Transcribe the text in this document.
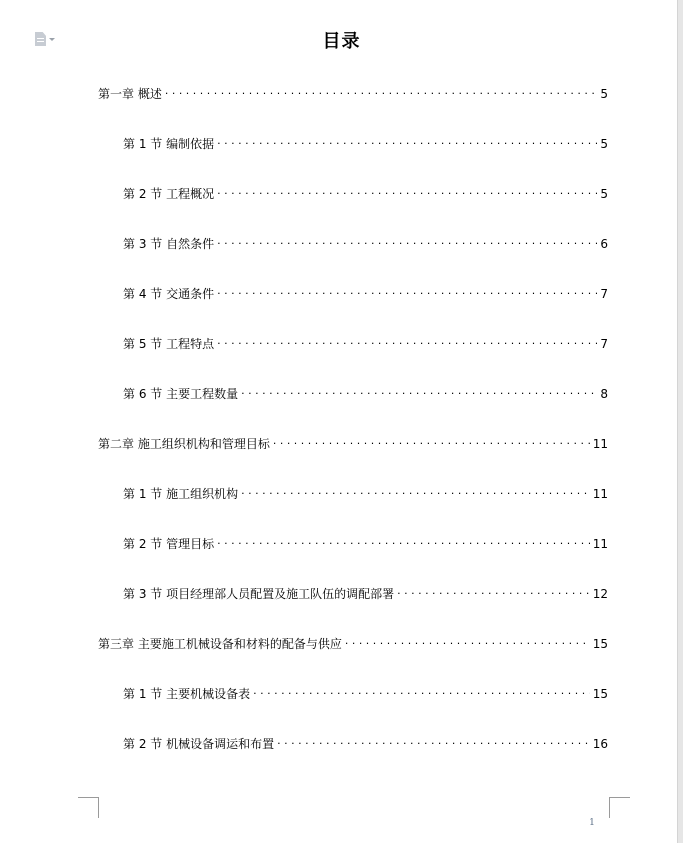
目录
第一章 概述 . . .	5
第 1 节 编制依据 . . .	5
第 2 节 工程概况 . . .	5
第 3 节 自然条件 . . .	6
第 4 节 交通条件 . . .	7
第 5 节 工程特点 . . .	7
第 6 节 主要工程数量 . . .	8
第二章 施工组织机构和管理目标 . . .	11
第 1 节 施工组织机构 . . .	11
第 2 节 管理目标 . . .	11
第 3 节 项目经理部人员配置及施工队伍的调配部署 . . .	12
第三章 主要施工机械设备和材料的配备与供应 . . .	15
第 1 节 主要机械设备表 . . .	15
第 2 节 机械设备调运和布置 . . .	16
1
